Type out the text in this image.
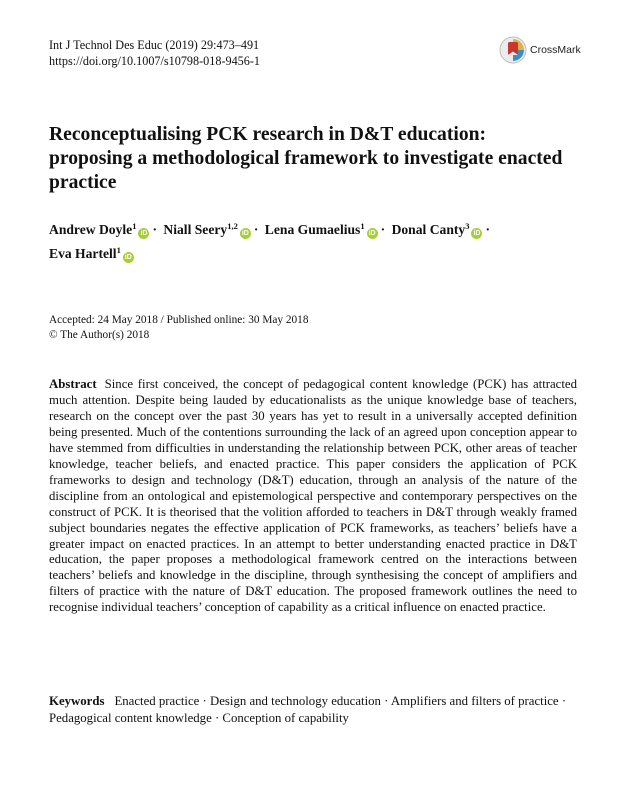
Int J Technol Des Educ (2019) 29:473–491
https://doi.org/10.1007/s10798-018-9456-1
CrossMark
Reconceptualising PCK research in D&T education: proposing a methodological framework to investigate enacted practice
Andrew Doyle$^1$iD · Niall Seery$^{1,2}$iD · Lena Gumaelius$^1$iD · Donal Canty$^3$iD ·
Eva Hartell$^1$iD
Accepted: 24 May 2018 / Published online: 30 May 2018
© The Author(s) 2018

Abstract Since first conceived, the concept of pedagogical content knowledge (PCK) has attracted much attention. Despite being lauded by educationalists as the unique knowledge base of teachers, research on the concept over the past 30 years has yet to result in a universally accepted definition being presented. Much of the contentions surrounding the lack of an agreed upon conception appear to have stemmed from difficulties in understanding the relationship between PCK, other areas of teacher knowledge, teacher beliefs, and enacted practice. This paper considers the application of PCK frameworks to design and technology (D&T) education, through an analysis of the nature of the discipline from an ontological and epistemological perspective and contemporary perspectives on the construct of PCK. It is theorised that the volition afforded to teachers in D&T through weakly framed subject boundaries negates the effective application of PCK frameworks, as teachers’ beliefs have a greater impact on enacted practices. In an attempt to better understanding enacted practice in D&T education, the paper proposes a methodological framework centred on the interactions between teachers’ beliefs and knowledge in the discipline, through synthesising the concept of amplifiers and filters of practice with the nature of D&T education. The proposed framework outlines the need to recognise individual teachers’ conception of capability as a critical influence on enacted practice.

Keywords Enacted practice · Design and technology education · Amplifiers and filters of practice · Pedagogical content knowledge · Conception of capability
